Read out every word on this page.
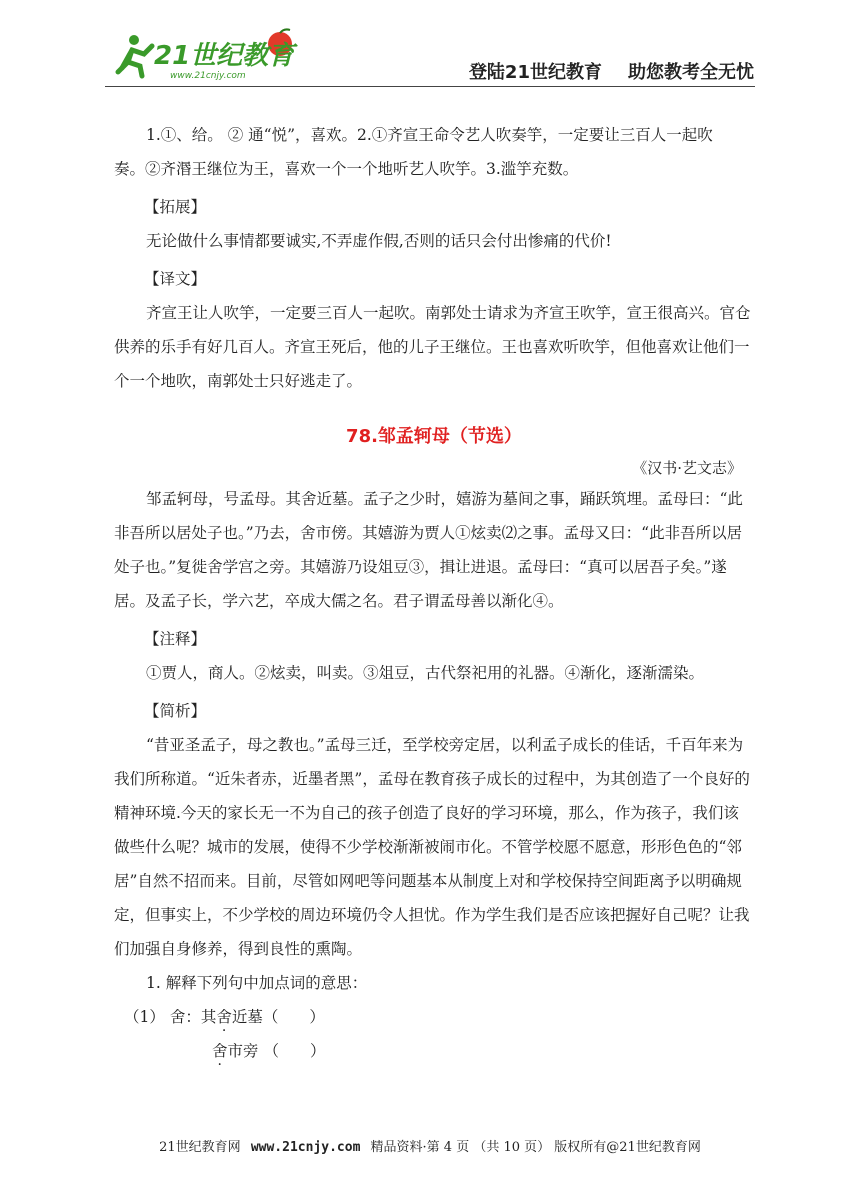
21世纪教育
www.21cnjy.com	登陆21世纪教育 助您教考全无忧
1.①、给。 ② 通“悦”，喜欢。2.①齐宣王命令艺人吹奏竽，一定要让三百人一起吹
奏。②齐湣王继位为王，喜欢一个一个地听艺人吹竽。3.滥竽充数。
【拓展】
无论做什么事情都要诚实,不弄虚作假,否则的话只会付出惨痛的代价!
【译文】
齐宣王让人吹竽，一定要三百人一起吹。南郭处士请求为齐宣王吹竽，宣王很高兴。官仓供养的乐手有好几百人。齐宣王死后，他的儿子王继位。王也喜欢听吹竽，但他喜欢让他们一个一个地吹，南郭处士只好逃走了。
78.邹孟轲母（节选）
《汉书·艺文志》
邹孟轲母，号孟母。其舍近墓。孟子之少时，嬉游为墓间之事，踊跃筑埋。孟母曰：“此非吾所以居处子也。”乃去，舍市傍。其嬉游为贾人①炫卖⑵之事。孟母又曰：“此非吾所以居处子也。”复徙舍学宫之旁。其嬉游乃设俎豆③，揖让进退。孟母曰：“真可以居吾子矣。”遂居。及孟子长，学六艺，卒成大儒之名。君子谓孟母善以渐化④。
【注释】
①贾人，商人。②炫卖，叫卖。③俎豆，古代祭祀用的礼器。④渐化，逐渐濡染。
【简析】
“昔亚圣孟子，母之教也。”孟母三迁，至学校旁定居，以利孟子成长的佳话，千百年来为我们所称道。“近朱者赤，近墨者黑”，孟母在教育孩子成长的过程中，为其创造了一个良好的精神环境.今天的家长无一不为自己的孩子创造了良好的学习环境，那么，作为孩子，我们该做些什么呢？城市的发展，使得不少学校渐渐被闹市化。不管学校愿不愿意，形形色色的“邻居”自然不招而来。目前，尽管如网吧等问题基本从制度上对和学校保持空间距离予以明确规定，但事实上，不少学校的周边环境仍令人担忧。作为学生我们是否应该把握好自己呢？让我们加强自身修养，得到良性的熏陶。
1. 解释下列句中加点词的意思：
（1） 舍：其舍近墓（　　）
舍市旁 （　　）
21世纪教育网 www.21cnjy.com 精品资料·第 4 页 （共 10 页） 版权所有@21世纪教育网
